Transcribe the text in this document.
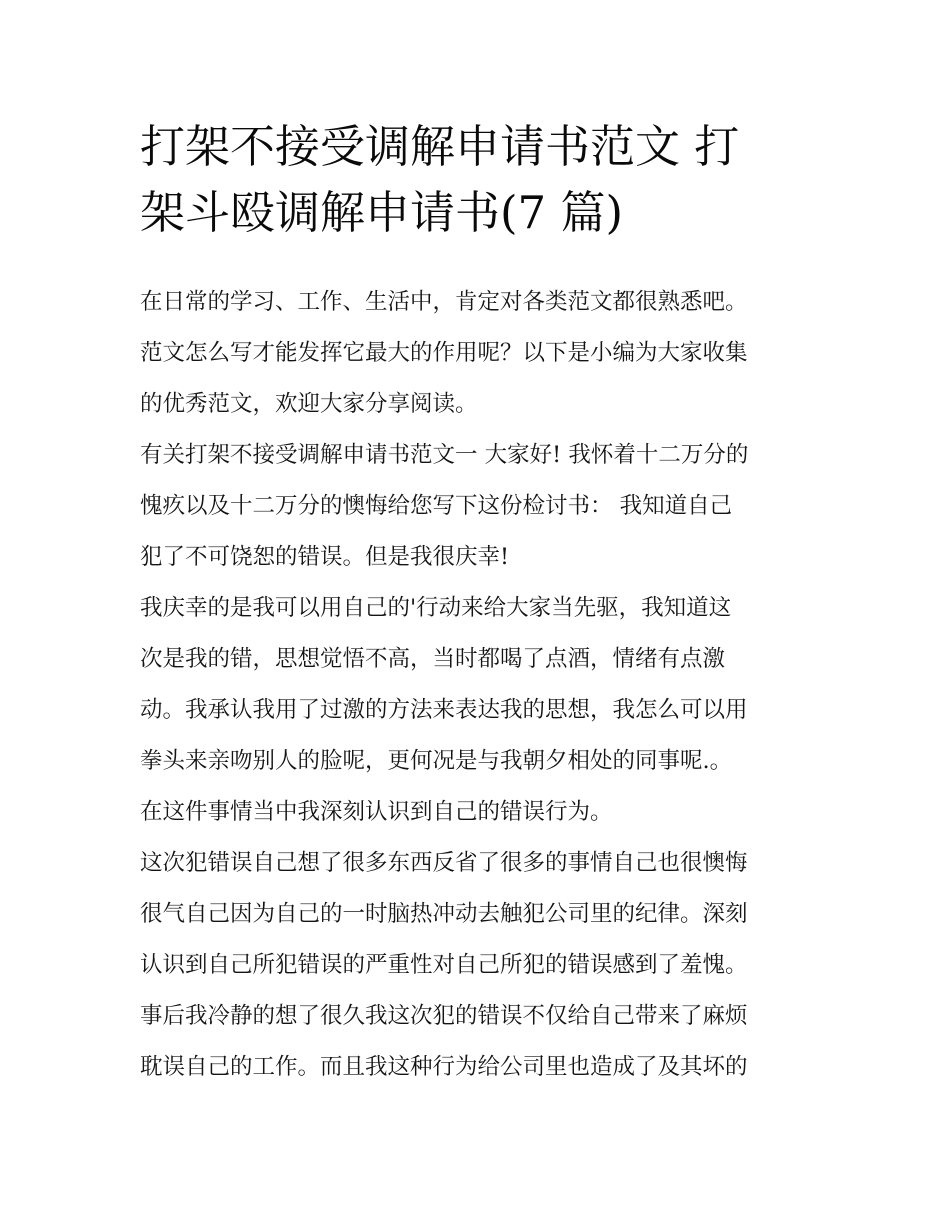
打架不接受调解申请书范文 打
架斗殴调解申请书(7 篇)
在日常的学习、工作、生活中，肯定对各类范文都很熟悉吧。
范文怎么写才能发挥它最大的作用呢？以下是小编为大家收集
的优秀范文，欢迎大家分享阅读。
有关打架不接受调解申请书范文一 大家好! 我怀着十二万分的
愧疚以及十二万分的懊悔给您写下这份检讨书： 我知道自己
犯了不可饶恕的错误。但是我很庆幸!
我庆幸的是我可以用自己的'行动来给大家当先驱，我知道这
次是我的错，思想觉悟不高，当时都喝了点酒，情绪有点激
动。我承认我用了过激的方法来表达我的思想，我怎么可以用
拳头来亲吻别人的脸呢，更何况是与我朝夕相处的同事呢.。
在这件事情当中我深刻认识到自己的错误行为。
这次犯错误自己想了很多东西反省了很多的事情自己也很懊悔
很气自己因为自己的一时脑热冲动去触犯公司里的纪律。深刻
认识到自己所犯错误的严重性对自己所犯的错误感到了羞愧。
事后我冷静的想了很久我这次犯的错误不仅给自己带来了麻烦
耽误自己的工作。而且我这种行为给公司里也造成了及其坏的
